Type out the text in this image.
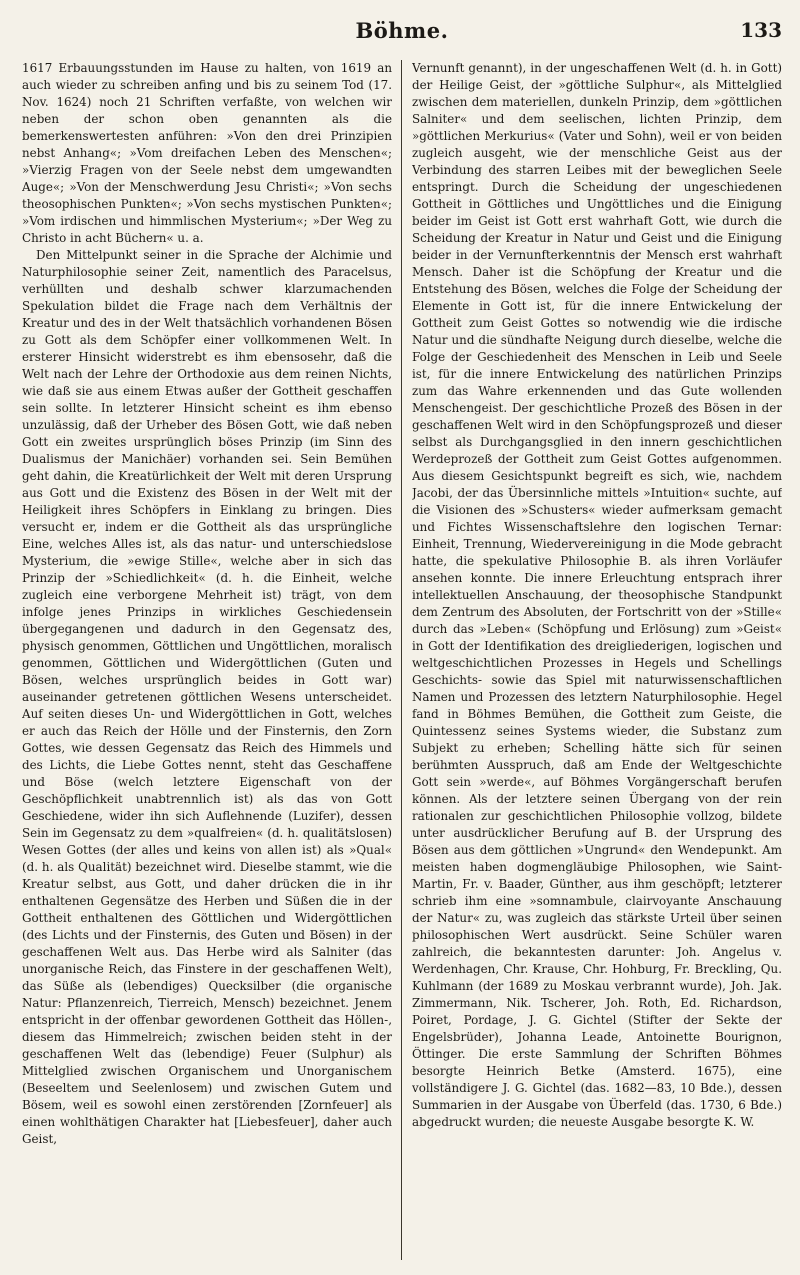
Böhme.	133

1617 Erbauungsstunden im Hause zu halten, von 1619 an auch wieder zu schreiben anfing und bis zu seinem Tod (17. Nov. 1624) noch 21 Schriften verfaßte, von welchen wir neben der schon oben genannten als die bemerkenswertesten anführen: »Von den drei Prinzipien nebst Anhang«; »Vom dreifachen Leben des Menschen«; »Vierzig Fragen von der Seele nebst dem umgewandten Auge«; »Von der Menschwerdung Jesu Christi«; »Von sechs theosophischen Punkten«; »Von sechs mystischen Punkten«; »Vom irdischen und himmlischen Mysterium«; »Der Weg zu Christo in acht Büchern« u. a.

Den Mittelpunkt seiner in die Sprache der Alchimie und Naturphilosophie seiner Zeit, namentlich des Paracelsus, verhüllten und deshalb schwer klarzumachenden Spekulation bildet die Frage nach dem Verhältnis der Kreatur und des in der Welt thatsächlich vorhandenen Bösen zu Gott als dem Schöpfer einer vollkommenen Welt. In ersterer Hinsicht widerstrebt es ihm ebensosehr, daß die Welt nach der Lehre der Orthodoxie aus dem reinen Nichts, wie daß sie aus einem Etwas außer der Gottheit geschaffen sein sollte. In letzterer Hinsicht scheint es ihm ebenso unzulässig, daß der Urheber des Bösen Gott, wie daß neben Gott ein zweites ursprünglich böses Prinzip (im Sinn des Dualismus der Manichäer) vorhanden sei. Sein Bemühen geht dahin, die Kreatürlichkeit der Welt mit deren Ursprung aus Gott und die Existenz des Bösen in der Welt mit der Heiligkeit ihres Schöpfers in Einklang zu bringen. Dies versucht er, indem er die Gottheit als das ursprüngliche Eine, welches Alles ist, als das natur- und unterschiedslose Mysterium, die »ewige Stille«, welche aber in sich das Prinzip der »Schiedlichkeit« (d. h. die Einheit, welche zugleich eine verborgene Mehrheit ist) trägt, von dem infolge jenes Prinzips in wirkliches Geschiedensein übergegangenen und dadurch in den Gegensatz des, physisch genommen, Göttlichen und Ungöttlichen, moralisch genommen, Göttlichen und Widergöttlichen (Guten und Bösen, welches ursprünglich beides in Gott war) auseinander getretenen göttlichen Wesens unterscheidet. Auf seiten dieses Un- und Widergöttlichen in Gott, welches er auch das Reich der Hölle und der Finsternis, den Zorn Gottes, wie dessen Gegensatz das Reich des Himmels und des Lichts, die Liebe Gottes nennt, steht das Geschaffene und Böse (welch letztere Eigenschaft von der Geschöpflichkeit unabtrennlich ist) als das von Gott Geschiedene, wider ihn sich Auflehnende (Luzifer), dessen Sein im Gegensatz zu dem »qualfreien« (d. h. qualitätslosen) Wesen Gottes (der alles und keins von allen ist) als »Qual« (d. h. als Qualität) bezeichnet wird. Dieselbe stammt, wie die Kreatur selbst, aus Gott, und daher drücken die in ihr enthaltenen Gegensätze des Herben und Süßen die in der Gottheit enthaltenen des Göttlichen und Widergöttlichen (des Lichts und der Finsternis, des Guten und Bösen) in der geschaffenen Welt aus. Das Herbe wird als Salniter (das unorganische Reich, das Finstere in der geschaffenen Welt), das Süße als (lebendiges) Quecksilber (die organische Natur: Pflanzenreich, Tierreich, Mensch) bezeichnet. Jenem entspricht in der offenbar gewordenen Gottheit das Höllen-, diesem das Himmelreich; zwischen beiden steht in der geschaffenen Welt das (lebendige) Feuer (Sulphur) als Mittelglied zwischen Organischem und Unorganischem (Beseeltem und Seelenlosem) und zwischen Gutem und Bösem, weil es sowohl einen zerstörenden [Zornfeuer] als einen wohlthätigen Charakter hat [Liebesfeuer], daher auch Geist,

Vernunft genannt), in der ungeschaffenen Welt (d. h. in Gott) der Heilige Geist, der »göttliche Sulphur«, als Mittelglied zwischen dem materiellen, dunkeln Prinzip, dem »göttlichen Salniter« und dem seelischen, lichten Prinzip, dem »göttlichen Merkurius« (Vater und Sohn), weil er von beiden zugleich ausgeht, wie der menschliche Geist aus der Verbindung des starren Leibes mit der beweglichen Seele entspringt. Durch die Scheidung der ungeschiedenen Gottheit in Göttliches und Ungöttliches und die Einigung beider im Geist ist Gott erst wahrhaft Gott, wie durch die Scheidung der Kreatur in Natur und Geist und die Einigung beider in der Vernunfterkenntnis der Mensch erst wahrhaft Mensch. Daher ist die Schöpfung der Kreatur und die Entstehung des Bösen, welches die Folge der Scheidung der Elemente in Gott ist, für die innere Entwickelung der Gottheit zum Geist Gottes so notwendig wie die irdische Natur und die sündhafte Neigung durch dieselbe, welche die Folge der Geschiedenheit des Menschen in Leib und Seele ist, für die innere Entwickelung des natürlichen Prinzips zum das Wahre erkennenden und das Gute wollenden Menschengeist. Der geschichtliche Prozeß des Bösen in der geschaffenen Welt wird in den Schöpfungsprozeß und dieser selbst als Durchgangsglied in den innern geschichtlichen Werdeprozeß der Gottheit zum Geist Gottes aufgenommen. Aus diesem Gesichtspunkt begreift es sich, wie, nachdem Jacobi, der das Übersinnliche mittels »Intuition« suchte, auf die Visionen des »Schusters« wieder aufmerksam gemacht und Fichtes Wissenschaftslehre den logischen Ternar: Einheit, Trennung, Wiedervereinigung in die Mode gebracht hatte, die spekulative Philosophie B. als ihren Vorläufer ansehen konnte. Die innere Erleuchtung entsprach ihrer intellektuellen Anschauung, der theosophische Standpunkt dem Zentrum des Absoluten, der Fortschritt von der »Stille« durch das »Leben« (Schöpfung und Erlösung) zum »Geist« in Gott der Identifikation des dreigliederigen, logischen und weltgeschichtlichen Prozesses in Hegels und Schellings Geschichts- sowie das Spiel mit naturwissenschaftlichen Namen und Prozessen des letztern Naturphilosophie. Hegel fand in Böhmes Bemühen, die Gottheit zum Geiste, die Quintessenz seines Systems wieder, die Substanz zum Subjekt zu erheben; Schelling hätte sich für seinen berühmten Ausspruch, daß am Ende der Weltgeschichte Gott sein »werde«, auf Böhmes Vorgängerschaft berufen können. Als der letztere seinen Übergang von der rein rationalen zur geschichtlichen Philosophie vollzog, bildete unter ausdrücklicher Berufung auf B. der Ursprung des Bösen aus dem göttlichen »Ungrund« den Wendepunkt. Am meisten haben dogmengläubige Philosophen, wie Saint-Martin, Fr. v. Baader, Günther, aus ihm geschöpft; letzterer schrieb ihm eine »somnambule, clairvoyante Anschauung der Natur« zu, was zugleich das stärkste Urteil über seinen philosophischen Wert ausdrückt. Seine Schüler waren zahlreich, die bekanntesten darunter: Joh. Angelus v. Werdenhagen, Chr. Krause, Chr. Hohburg, Fr. Breckling, Qu. Kuhlmann (der 1689 zu Moskau verbrannt wurde), Joh. Jak. Zimmermann, Nik. Tscherer, Joh. Roth, Ed. Richardson, Poiret, Pordage, J. G. Gichtel (Stifter der Sekte der Engelsbrüder), Johanna Leade, Antoinette Bourignon, Öttinger. Die erste Sammlung der Schriften Böhmes besorgte Heinrich Betke (Amsterd. 1675), eine vollständigere J. G. Gichtel (das. 1682—83, 10 Bde.), dessen Summarien in der Ausgabe von Überfeld (das. 1730, 6 Bde.) abgedruckt wurden; die neueste Ausgabe besorgte K. W.
